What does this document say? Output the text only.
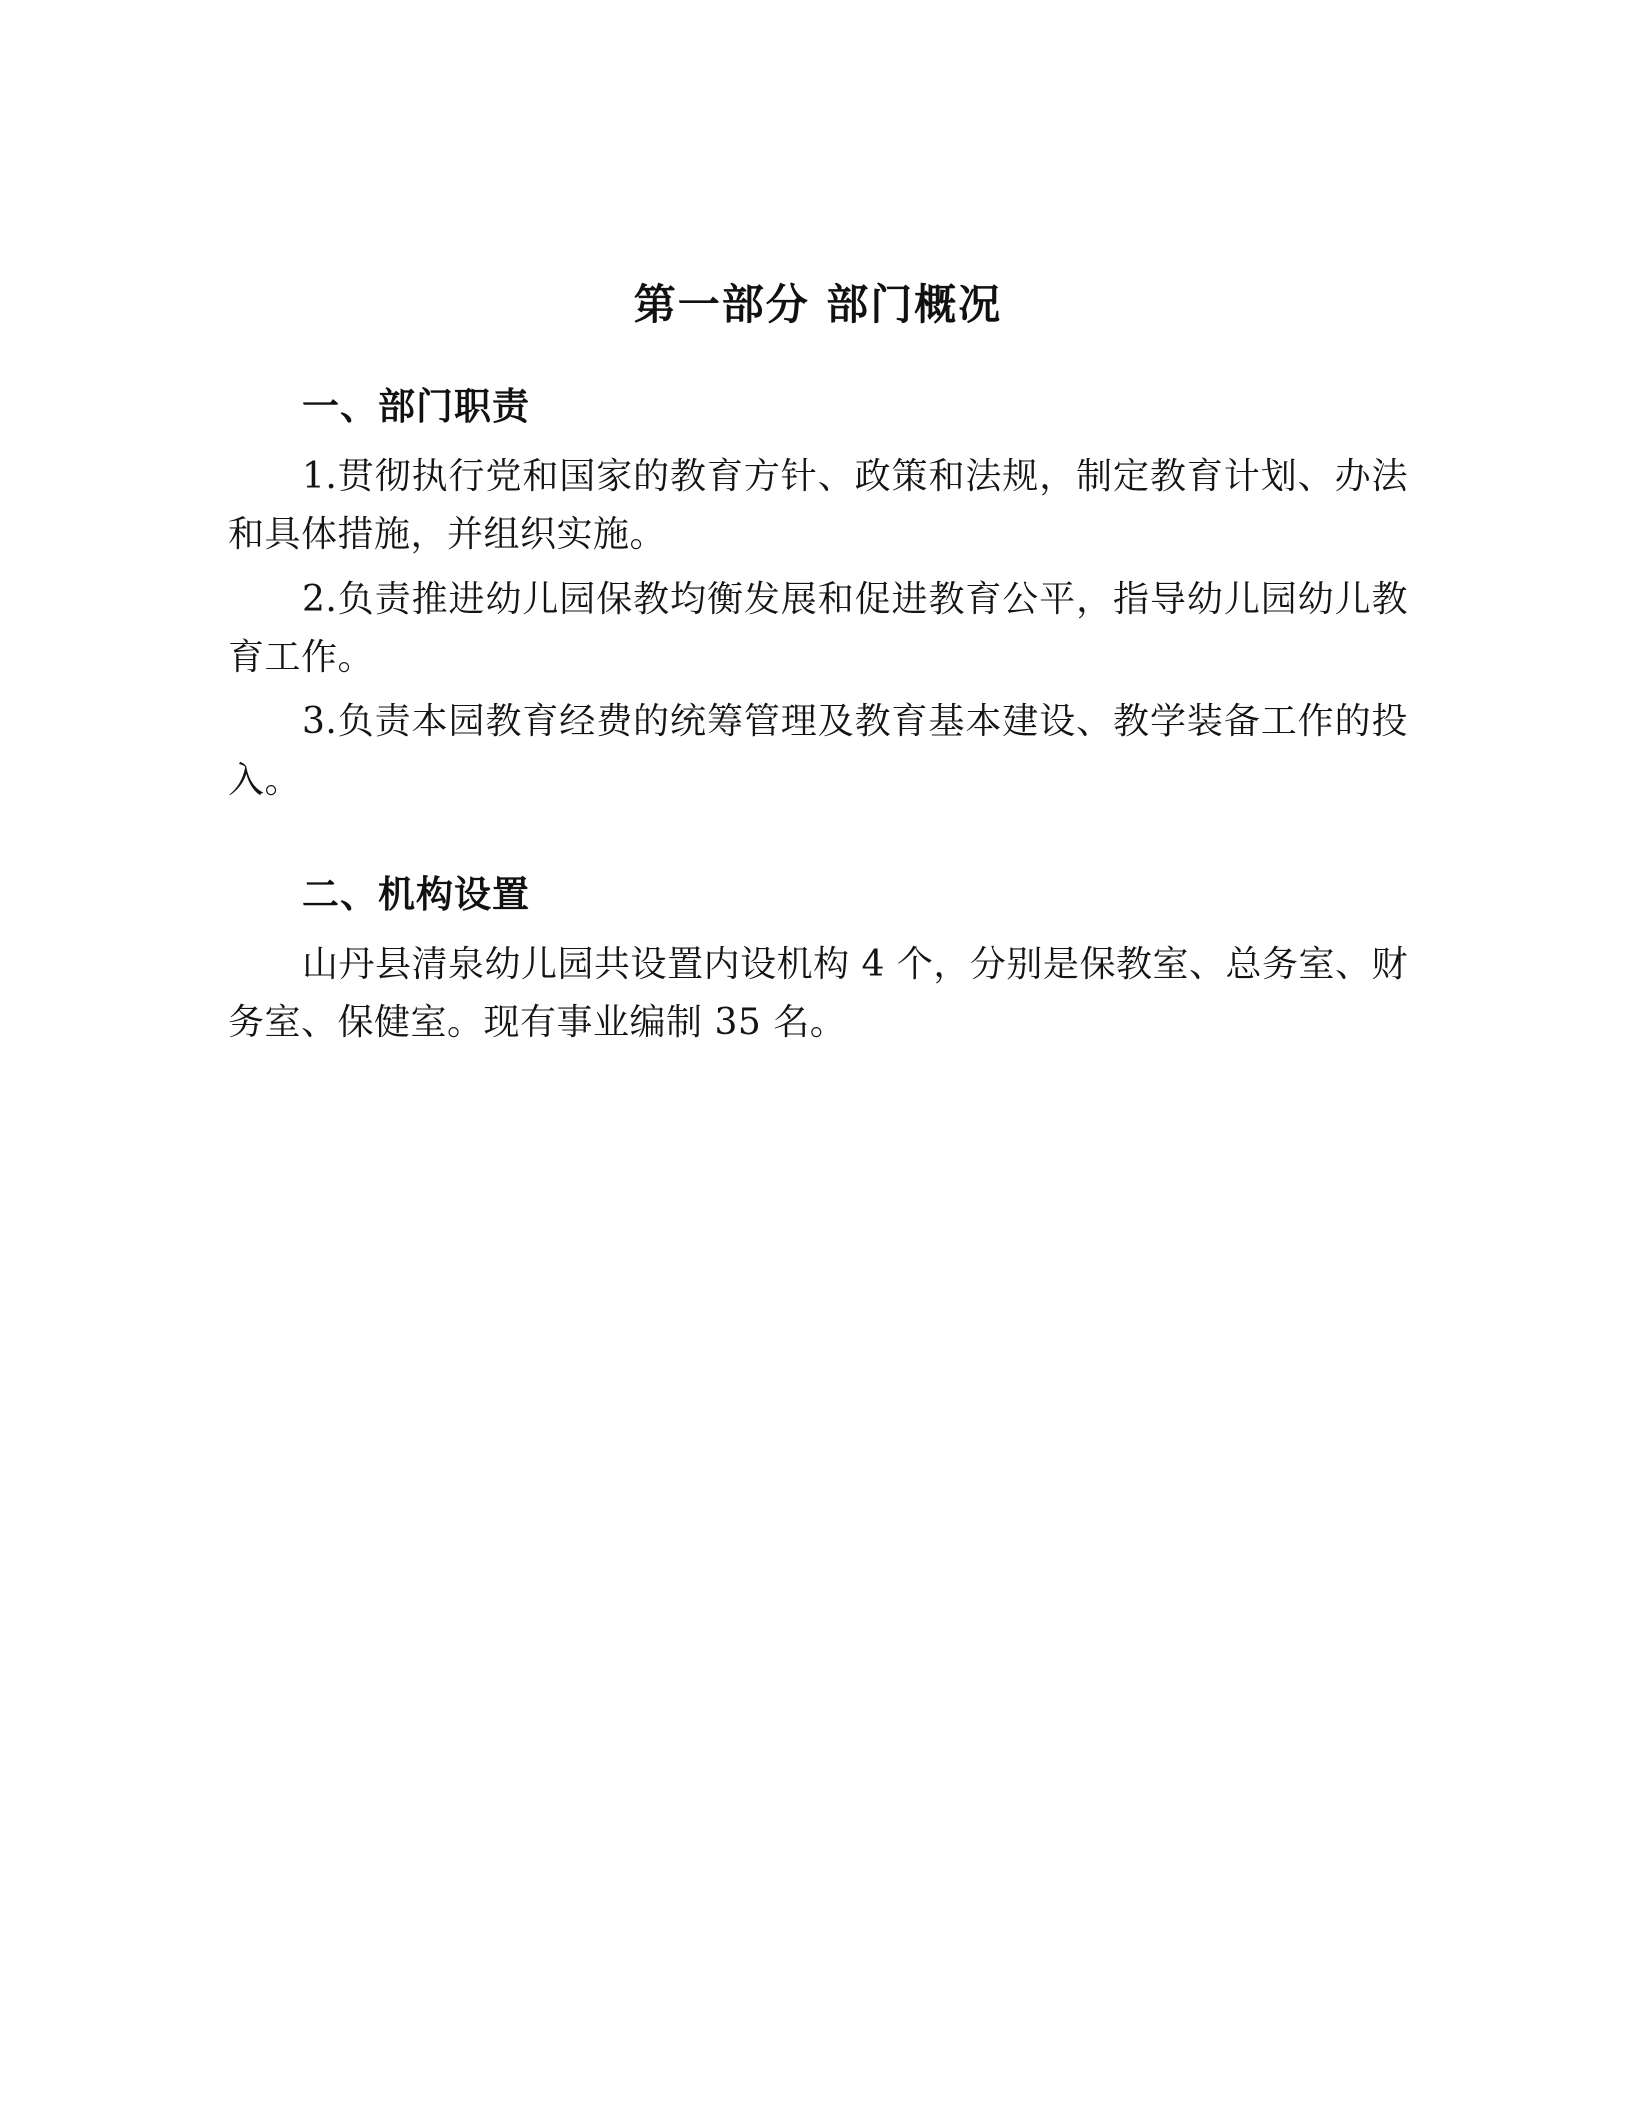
第一部分 部门概况
一、部门职责

1.贯彻执行党和国家的教育方针、政策和法规，制定教育计划、办法和具体措施，并组织实施。

2.负责推进幼儿园保教均衡发展和促进教育公平，指导幼儿园幼儿教育工作。

3.负责本园教育经费的统筹管理及教育基本建设、教学装备工作的投入。

二、机构设置

山丹县清泉幼儿园共设置内设机构 4 个，分别是保教室、总务室、财务室、保健室。现有事业编制 35 名。
